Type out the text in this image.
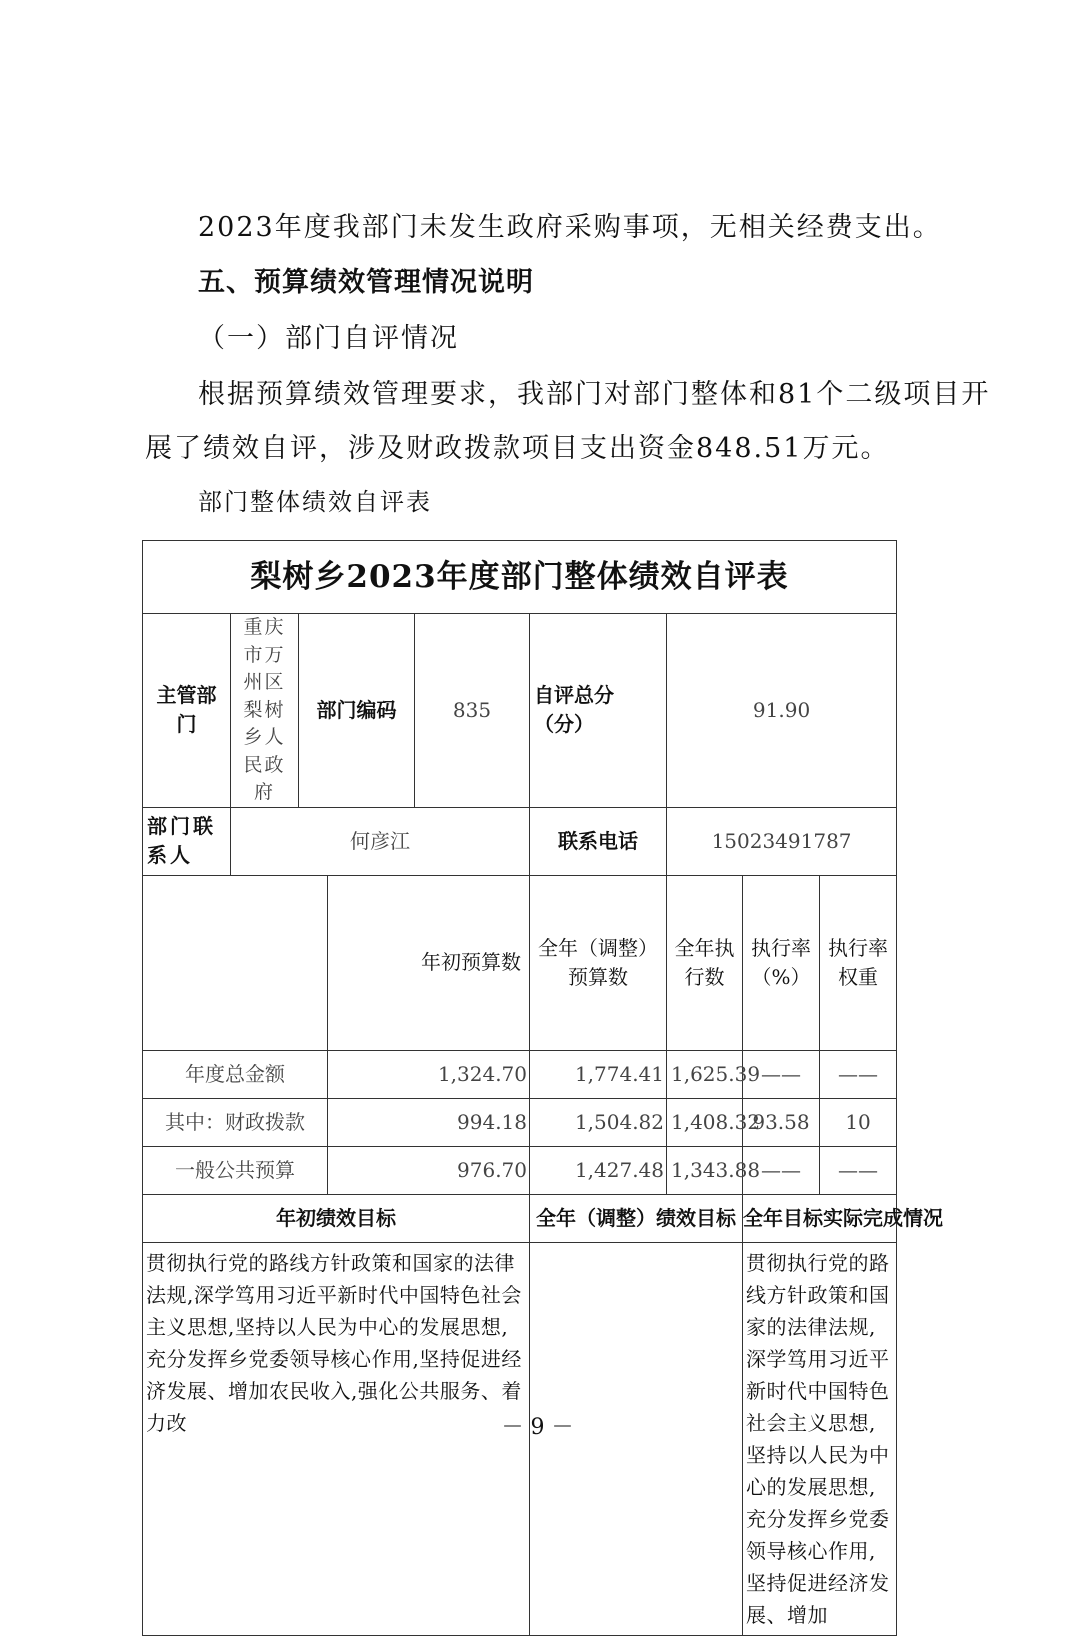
2023年度我部门未发生政府采购事项，无相关经费支出。
五、预算绩效管理情况说明
（一）部门自评情况
根据预算绩效管理要求，我部门对部门整体和81个二级项目开
展了绩效自评，涉及财政拨款项目支出资金848.51万元。
部门整体绩效自评表
梨树乡2023年度部门整体绩效自评表									
主管部门	重庆市万州区梨树乡人民政府	部门编码		835	自评总分（分）	91.90			
部门联系人	何彦江				联系电话	15023491787			
			年初预算数		全年（调整）预算数	全年执行数	执行率（%）	执行率权重	
年度总金额			1,324.70		1,774.41	1,625.39	——	——	
其中：财政拨款			994.18		1,504.82	1,408.32	93.58	10	
一般公共预算			976.70		1,427.48	1,343.88	——	——	
年初绩效目标					全年（调整）绩效目标		全年目标实际完成情况		
贯彻执行党的路线方针政策和国家的法律法规,深学笃用习近平新时代中国特色社会主义思想,坚持以人民为中心的发展思想,充分发挥乡党委领导核心作用,坚持促进经济发展、增加农民收入,强化公共服务、着力改							贯彻执行党的路线方针政策和国家的法律法规,深学笃用习近平新时代中国特色社会主义思想,坚持以人民为中心的发展思想,充分发挥乡党委领导核心作用,坚持促进经济发展、增加		
－ 9 －
